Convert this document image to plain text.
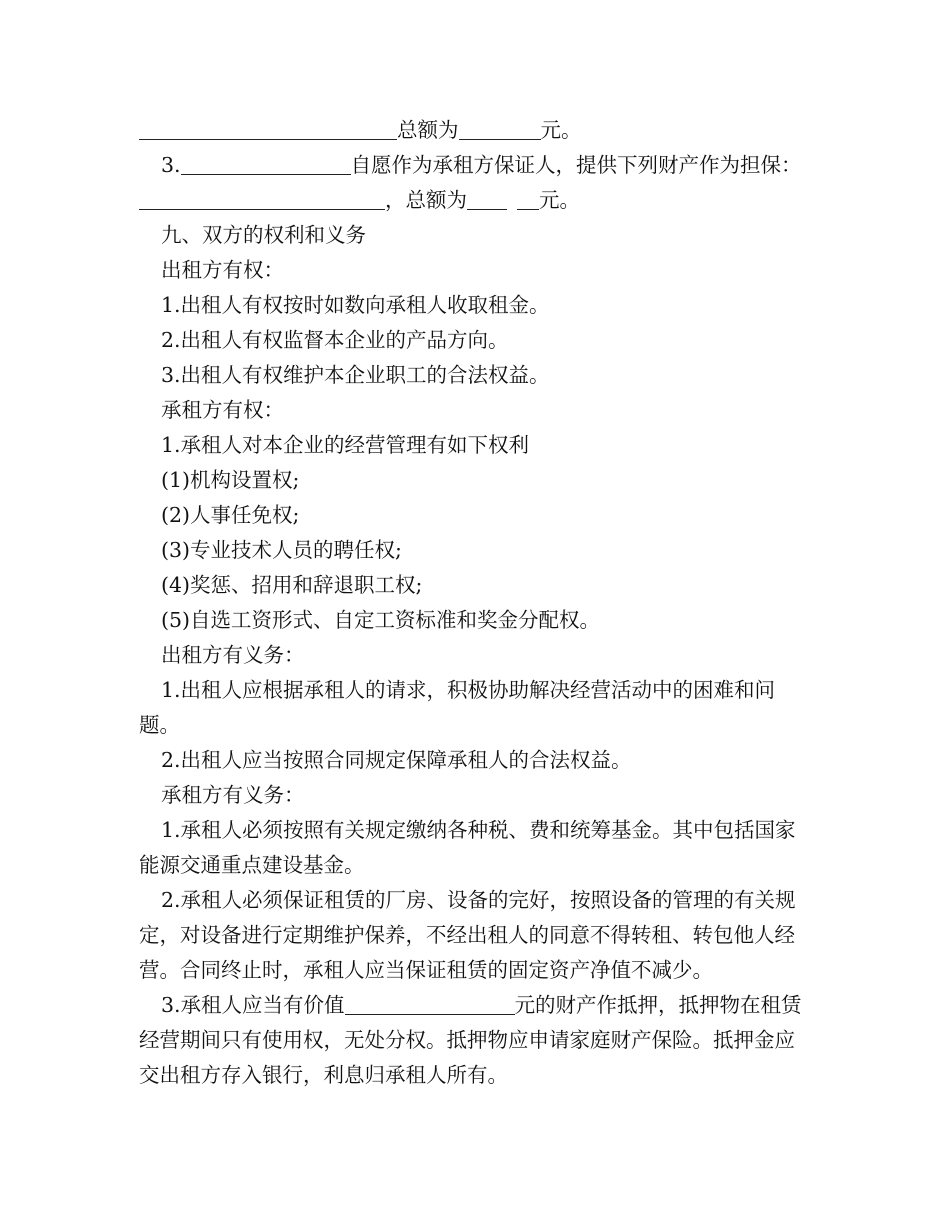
总额为	元。

3.	自愿作为承租方保证人，提供下列财产作为担保：

，总额为	元。

九、双方的权利和义务

出租方有权：

1.出租人有权按时如数向承租人收取租金。

2.出租人有权监督本企业的产品方向。

3.出租人有权维护本企业职工的合法权益。

承租方有权：

1.承租人对本企业的经营管理有如下权利

(1)机构设置权;

(2)人事任免权;

(3)专业技术人员的聘任权;

(4)奖惩、招用和辞退职工权;

(5)自选工资形式、自定工资标准和奖金分配权。

出租方有义务：

1.出租人应根据承租人的请求，积极协助解决经营活动中的困难和问题。

2.出租人应当按照合同规定保障承租人的合法权益。

承租方有义务：

1.承租人必须按照有关规定缴纳各种税、费和统筹基金。其中包括国家能源交通重点建设基金。

2.承租人必须保证租赁的厂房、设备的完好，按照设备的管理的有关规定，对设备进行定期维护保养，不经出租人的同意不得转租、转包他人经营。合同终止时，承租人应当保证租赁的固定资产净值不减少。

3.承租人应当有价值	元的财产作抵押，抵押物在租赁经营期间只有使用权，无处分权。抵押物应申请家庭财产保险。抵押金应交出租方存入银行，利息归承租人所有。
